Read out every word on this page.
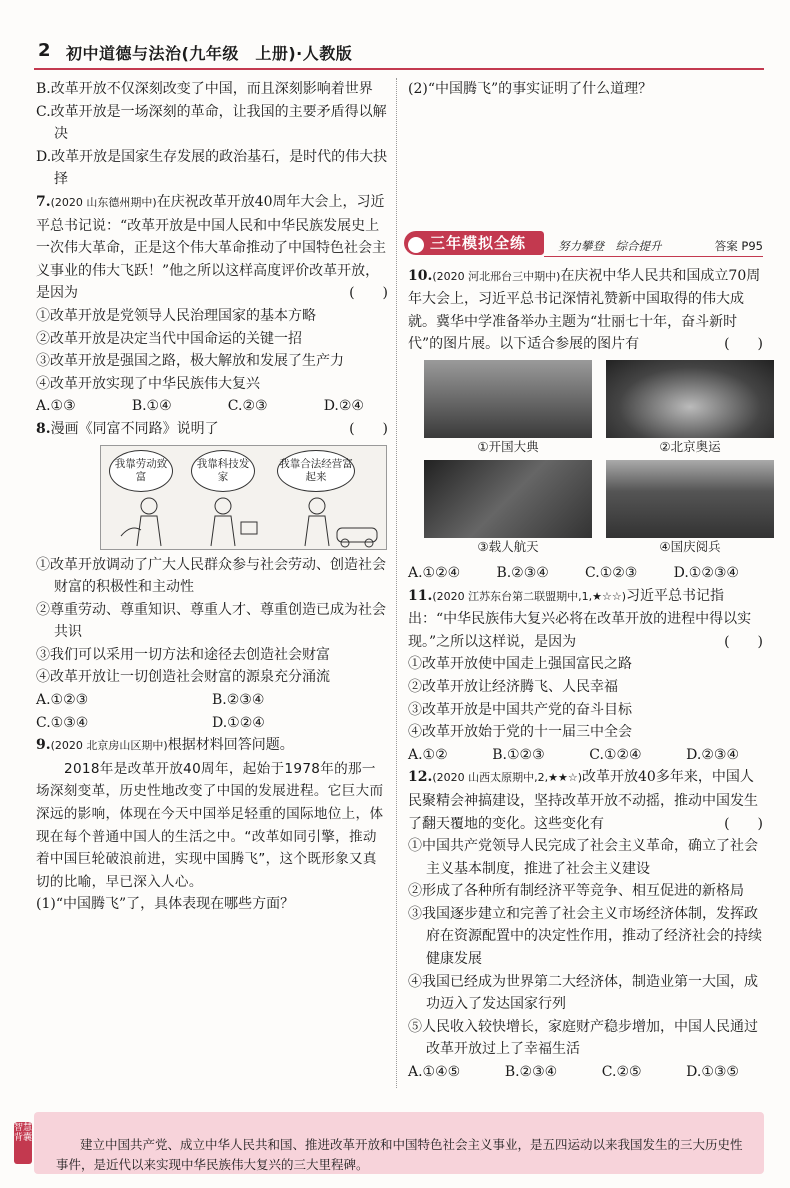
2 初中道德与法治(九年级　上册)·人教版

B.改革开放不仅深刻改变了中国，而且深刻影响着世界

C.改革开放是一场深刻的革命，让我国的主要矛盾得以解决

D.改革开放是国家生存发展的政治基石，是时代的伟大抉择

7.(2020 山东德州期中)在庆祝改革开放40周年大会上，习近平总书记说：“改革开放是中国人民和中华民族发展史上一次伟大革命，正是这个伟大革命推动了中国特色社会主义事业的伟大飞跃！”他之所以这样高度评价改革开放，是因为	(　　)

①改革开放是党领导人民治理国家的基本方略

②改革开放是决定当代中国命运的关键一招

③改革开放是强国之路，极大解放和发展了生产力

④改革开放实现了中华民族伟大复兴

A.①③	B.①④	C.②③	D.②④

8.漫画《同富不同路》说明了	(　　)

我靠劳动致富
我靠科技发家
我靠合法经营富起来

①改革开放调动了广大人民群众参与社会劳动、创造社会财富的积极性和主动性

②尊重劳动、尊重知识、尊重人才、尊重创造已成为社会共识

③我们可以采用一切方法和途径去创造社会财富

④改革开放让一切创造社会财富的源泉充分涌流

A.①②③	B.②③④
C.①③④	D.①②④

9.(2020 北京房山区期中)根据材料回答问题。

2018年是改革开放40周年，起始于1978年的那一场深刻变革，历史性地改变了中国的发展进程。它巨大而深远的影响，体现在今天中国举足轻重的国际地位上，体现在每个普通中国人的生活之中。“改革如同引擎，推动着中国巨轮破浪前进，实现中国腾飞”，这个既形象又真切的比喻，早已深入人心。

(1)“中国腾飞”了，具体表现在哪些方面？

(2)“中国腾飞”的事实证明了什么道理？

三年模拟全练	努力攀登　综合提升	答案 P95

10.(2020 河北邢台三中期中)在庆祝中华人民共和国成立70周年大会上，习近平总书记深情礼赞新中国取得的伟大成就。冀华中学准备举办主题为“壮丽七十年，奋斗新时代”的图片展。以下适合参展的图片有	(　　)

①开国大典	②北京奥运
③载人航天	④国庆阅兵
A.①②④	B.②③④	C.①②③	D.①②③④

11.(2020 江苏东台第二联盟期中,1,★☆☆)习近平总书记指出：“中华民族伟大复兴必将在改革开放的进程中得以实现。”之所以这样说，是因为	(　　)

①改革开放使中国走上强国富民之路

②改革开放让经济腾飞、人民幸福

③改革开放是中国共产党的奋斗目标

④改革开放始于党的十一届三中全会

A.①②	B.①②③	C.①②④	D.②③④

12.(2020 山西太原期中,2,★★☆)改革开放40多年来，中国人民聚精会神搞建设，坚持改革开放不动摇，推动中国发生了翻天覆地的变化。这些变化有	(　　)

①中国共产党领导人民完成了社会主义革命，确立了社会主义基本制度，推进了社会主义建设

②形成了各种所有制经济平等竞争、相互促进的新格局

③我国逐步建立和完善了社会主义市场经济体制，发挥政府在资源配置中的决定性作用，推动了经济社会的持续健康发展

④我国已经成为世界第二大经济体，制造业第一大国，成功迈入了发达国家行列

⑤人民收入较快增长，家庭财产稳步增加，中国人民通过改革开放过上了幸福生活

A.①④⑤	B.②③④	C.②⑤	D.①③⑤
智慧背囊	建立中国共产党、成立中华人民共和国、推进改革开放和中国特色社会主义事业，是五四运动以来我国发生的三大历史性事件，是近代以来实现中华民族伟大复兴的三大里程碑。
